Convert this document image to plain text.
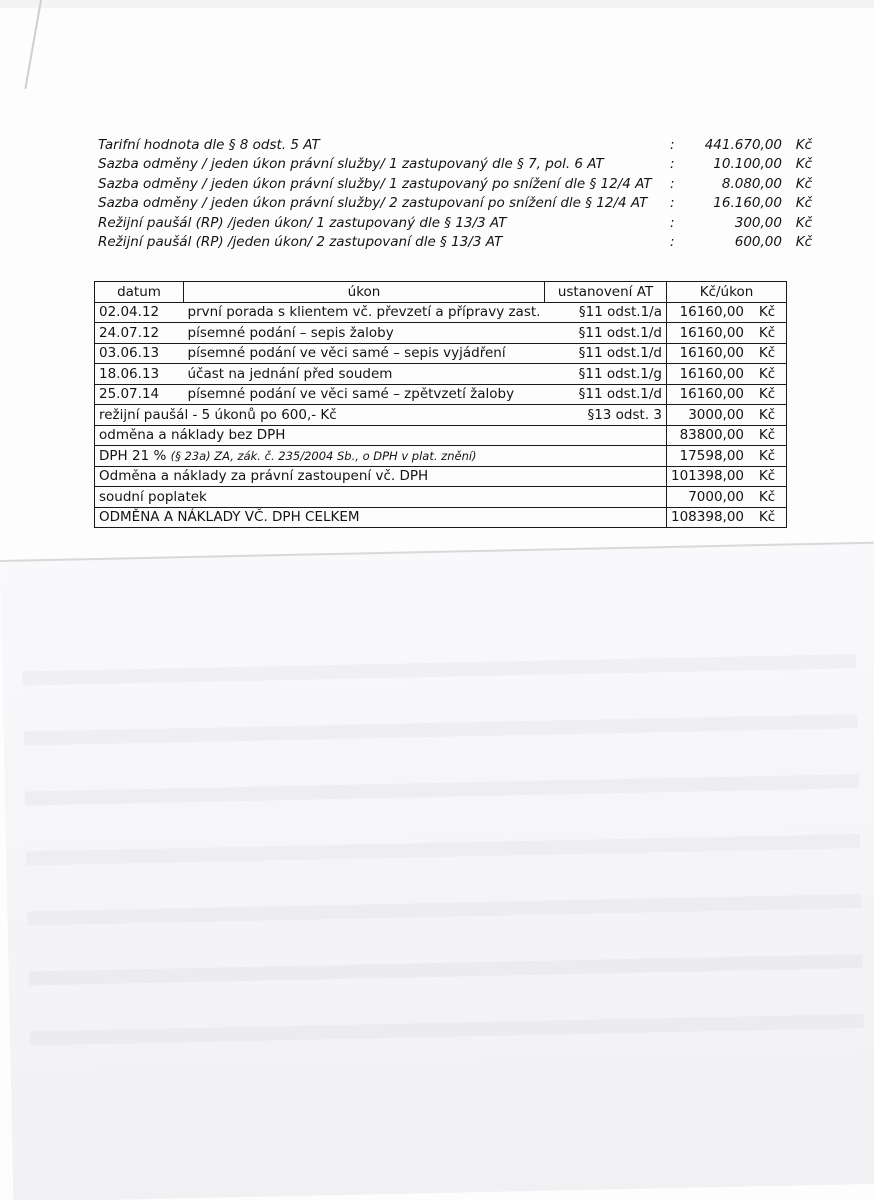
Tarifní hodnota dle § 8 odst. 5 AT	:	441.670,00	Kč
Sazba odměny / jeden úkon právní služby/ 1 zastupovaný dle § 7, pol. 6 AT	:	10.100,00	Kč
Sazba odměny / jeden úkon právní služby/ 1 zastupovaný po snížení dle § 12/4 AT	:	8.080,00	Kč
Sazba odměny / jeden úkon právní služby/ 2 zastupovaní po snížení dle § 12/4 AT	:	16.160,00	Kč
Režijní paušál (RP) /jeden úkon/ 1 zastupovaný dle § 13/3 AT	:	300,00	Kč
Režijní paušál (RP) /jeden úkon/ 2 zastupovaní dle § 13/3 AT	:	600,00	Kč
datum	úkon	ustanovení AT	Kč/úkon	
02.04.12	první porada s klientem vč. převzetí a přípravy zast.	§11 odst.1/a	16160,00	Kč
24.07.12	písemné podání – sepis žaloby	§11 odst.1/d	16160,00	Kč
03.06.13	písemné podání ve věci samé – sepis vyjádření	§11 odst.1/d	16160,00	Kč
18.06.13	účast na jednání před soudem	§11 odst.1/g	16160,00	Kč
25.07.14	písemné podání ve věci samé – zpětvzetí žaloby	§11 odst.1/d	16160,00	Kč
režijní paušál - 5 úkonů po 600,- Kč		§13 odst. 3	3000,00	Kč
odměna a náklady bez DPH			83800,00	Kč
DPH 21 % (§ 23a) ZA, zák. č. 235/2004 Sb., o DPH v plat. znění)			17598,00	Kč
Odměna a náklady za právní zastoupení vč. DPH			101398,00	Kč
soudní poplatek			7000,00	Kč
ODMĚNA A NÁKLADY VČ. DPH CELKEM			108398,00	Kč
